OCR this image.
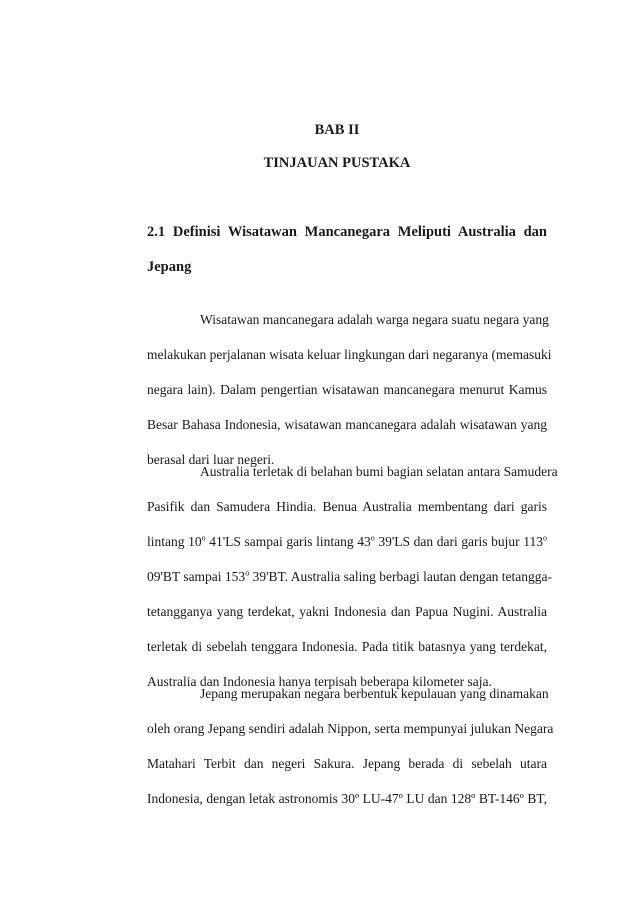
BAB II
TINJAUAN PUSTAKA
2.1 Definisi Wisatawan Mancanegara Meliputi Australia dan
Jepang
Wisatawan mancanegara adalah warga negara suatu negara yang
melakukan perjalanan wisata keluar lingkungan dari negaranya (memasuki
negara lain). Dalam pengertian wisatawan mancanegara menurut Kamus
Besar Bahasa Indonesia, wisatawan mancanegara adalah wisatawan yang
berasal dari luar negeri.
Australia terletak di belahan bumi bagian selatan antara Samudera
Pasifik dan Samudera Hindia. Benua Australia membentang dari garis
lintang 10$^o$ 41'LS sampai garis lintang 43$^o$ 39'LS dan dari garis bujur 113$^o$
09'BT sampai 153$^o$ 39'BT. Australia saling berbagi lautan dengan tetangga-
tetangganya yang terdekat, yakni Indonesia dan Papua Nugini. Australia
terletak di sebelah tenggara Indonesia. Pada titik batasnya yang terdekat,
Australia dan Indonesia hanya terpisah beberapa kilometer saja.
Jepang merupakan negara berbentuk kepulauan yang dinamakan
oleh orang Jepang sendiri adalah Nippon, serta mempunyai julukan Negara
Matahari Terbit dan negeri Sakura. Jepang berada di sebelah utara
Indonesia, dengan letak astronomis 30º LU-47º LU dan 128º BT-146º BT,
